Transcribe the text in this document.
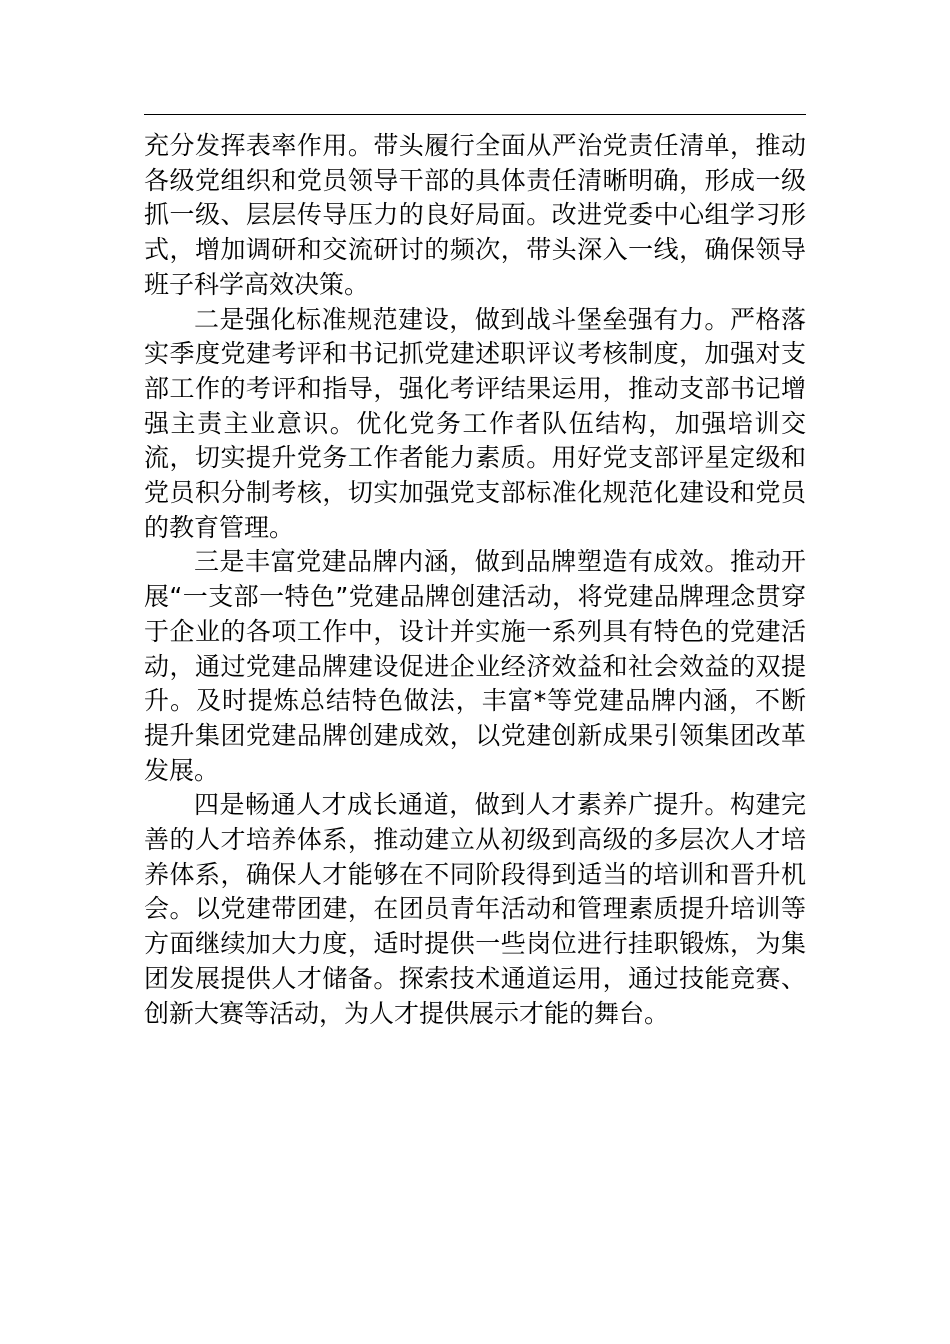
充分发挥表率作用。带头履行全面从严治党责任清单，推动各级党组织和党员领导干部的具体责任清晰明确，形成一级抓一级、层层传导压力的良好局面。改进党委中心组学习形式，增加调研和交流研讨的频次，带头深入一线，确保领导班子科学高效决策。

二是强化标准规范建设，做到战斗堡垒强有力。严格落实季度党建考评和书记抓党建述职评议考核制度，加强对支部工作的考评和指导，强化考评结果运用，推动支部书记增强主责主业意识。优化党务工作者队伍结构，加强培训交流，切实提升党务工作者能力素质。用好党支部评星定级和党员积分制考核，切实加强党支部标准化规范化建设和党员的教育管理。

三是丰富党建品牌内涵，做到品牌塑造有成效。推动开展“一支部一特色”党建品牌创建活动，将党建品牌理念贯穿于企业的各项工作中，设计并实施一系列具有特色的党建活动，通过党建品牌建设促进企业经济效益和社会效益的双提升。及时提炼总结特色做法，丰富*等党建品牌内涵，不断提升集团党建品牌创建成效，以党建创新成果引领集团改革发展。

四是畅通人才成长通道，做到人才素养广提升。构建完善的人才培养体系，推动建立从初级到高级的多层次人才培养体系，确保人才能够在不同阶段得到适当的培训和晋升机会。以党建带团建，在团员青年活动和管理素质提升培训等方面继续加大力度，适时提供一些岗位进行挂职锻炼，为集团发展提供人才储备。探索技术通道运用，通过技能竞赛、创新大赛等活动，为人才提供展示才能的舞台。
